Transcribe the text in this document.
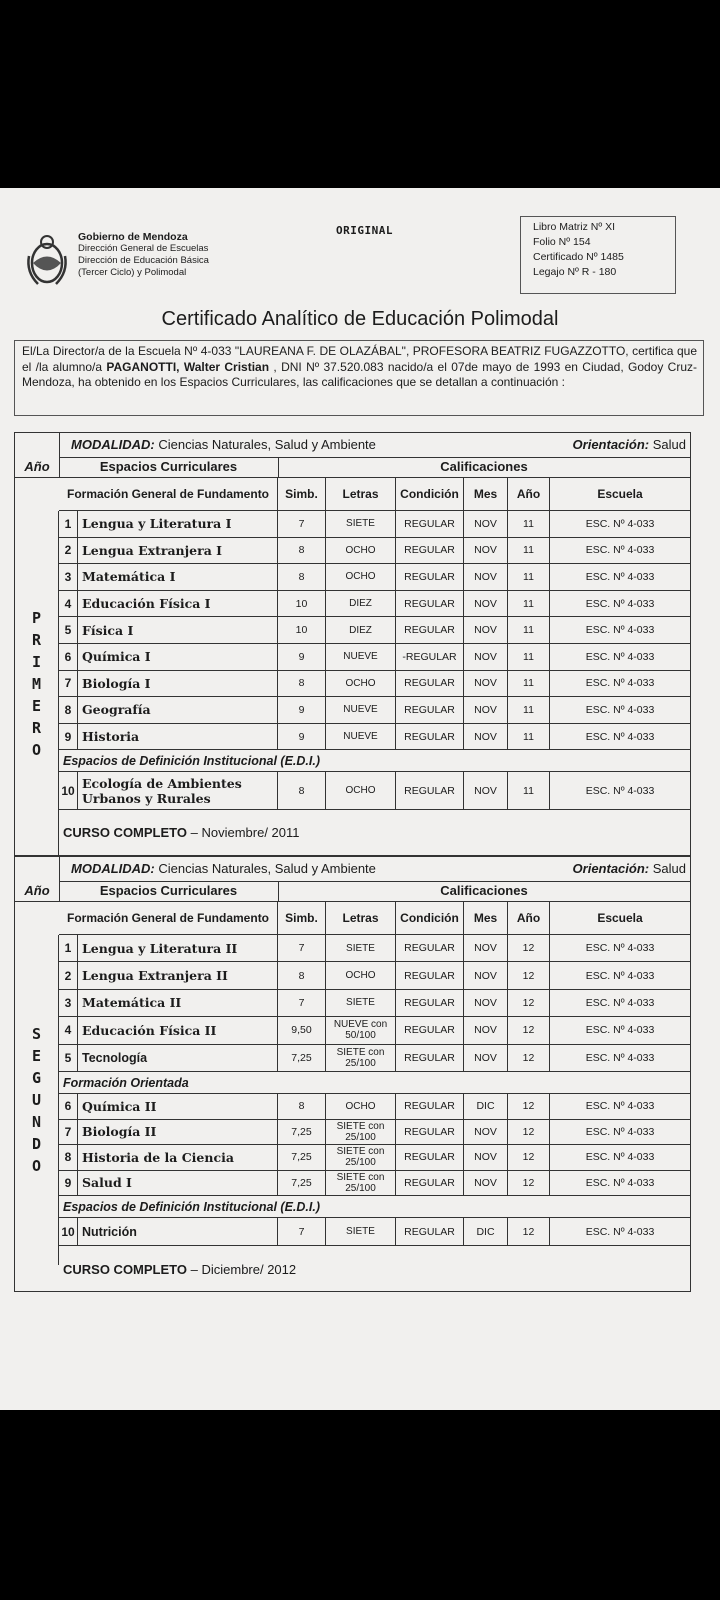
Gobierno de Mendoza
Dirección General de Escuelas
Dirección de Educación Básica
(Tercer Ciclo) y Polimodal
ORIGINAL	Libro Matriz Nº XI
Folio Nº 154
Certificado Nº 1485
Legajo Nº R - 180
Certificado Analítico de Educación Polimodal
El/La Director/a de la Escuela Nº 4-033 "LAUREANA F. DE OLAZÁBAL", PROFESORA BEATRIZ FUGAZZOTTO, certifica que el /la alumno/a PAGANOTTI, Walter Cristian , DNI Nº 37.520.083 nacido/a el 07de mayo de 1993 en Ciudad, Godoy Cruz- Mendoza, ha obtenido en los Espacios Curriculares, las calificaciones que se detallan a continuación :
MODALIDAD: Ciencias Naturales, Salud y Ambiente	Orientación: Salud
Año	Espacios Curriculares	Calificaciones
Formación General de Fundamento	Simb.	Letras	Condición	Mes	Año	Escuela
P
R
I
M
E
R
O
1 Lengua y Literatura I	7	SIETE	REGULAR	NOV	11	ESC. Nº 4-033
2 Lengua Extranjera I	8	OCHO	REGULAR	NOV	11	ESC. Nº 4-033
3 Matemática I	8	OCHO	REGULAR	NOV	11	ESC. Nº 4-033
4 Educación Física I	10	DIEZ	REGULAR	NOV	11	ESC. Nº 4-033
5 Física I	10	DIEZ	REGULAR	NOV	11	ESC. Nº 4-033
6 Química I	9	NUEVE	-REGULAR	NOV	11	ESC. Nº 4-033
7 Biología I	8	OCHO	REGULAR	NOV	11	ESC. Nº 4-033
8 Geografía	9	NUEVE	REGULAR	NOV	11	ESC. Nº 4-033
9 Historia	9	NUEVE	REGULAR	NOV	11	ESC. Nº 4-033
Espacios de Definición Institucional (E.D.I.)
10 Ecología de Ambientes Urbanos y Rurales	8	OCHO	REGULAR	NOV	11	ESC. Nº 4-033
CURSO COMPLETO – Noviembre/ 2011
MODALIDAD: Ciencias Naturales, Salud y Ambiente	Orientación: Salud
Año	Espacios Curriculares	Calificaciones
Formación General de Fundamento	Simb.	Letras	Condición	Mes	Año	Escuela
S
E
G
U
N
D
O
1 Lengua y Literatura II	7	SIETE	REGULAR	NOV	12	ESC. Nº 4-033
2 Lengua Extranjera II	8	OCHO	REGULAR	NOV	12	ESC. Nº 4-033
3 Matemática II	7	SIETE	REGULAR	NOV	12	ESC. Nº 4-033
4 Educación Física II	9,50	NUEVE con 50/100	REGULAR	NOV	12	ESC. Nº 4-033
5 Tecnología	7,25	SIETE con 25/100	REGULAR	NOV	12	ESC. Nº 4-033
Formación Orientada
6 Química II	8	OCHO	REGULAR	DIC	12	ESC. Nº 4-033
7 Biología II	7,25	SIETE con 25/100	REGULAR	NOV	12	ESC. Nº 4-033
8 Historia de la Ciencia	7,25	SIETE con 25/100	REGULAR	NOV	12	ESC. Nº 4-033
9 Salud I	7,25	SIETE con 25/100	REGULAR	NOV	12	ESC. Nº 4-033
Espacios de Definición Institucional (E.D.I.)
10 Nutrición	7	SIETE	REGULAR	DIC	12	ESC. Nº 4-033
CURSO COMPLETO – Diciembre/ 2012
